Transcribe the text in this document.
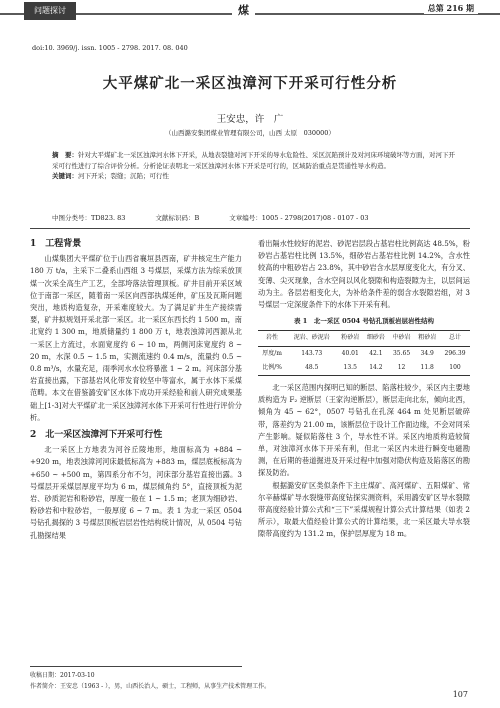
问题探讨	煤	总第 216 期
doi:10. 3969/j. issn. 1005 - 2798. 2017. 08. 040
大平煤矿北一采区浊漳河下开采可行性分析
王安忠，许　广
（山西潞安集团煤业管理有限公司，山西 太原　030000）
摘　要：针对大平煤矿北一采区浊漳河水体下开采，从地表裂缝对河下开采的导水危险性、采区沉陷预计及对河床环境破坏等方面，对河下开采可行性进行了综合评价分析。分析论证表明北一采区浊漳河水体下开采是可行的，区域防治重点是贯通性导水构造。
关键词：河下开采；裂缝；沉陷；可行性
中图分类号：TD823. 83	文献标识码：B	文章编号：1005 - 2798(2017)08 - 0107 - 03

1　工程背景

山煤集团大平煤矿位于山西省襄垣县西南，矿井核定生产能力 180 万 t/a，主采下二叠系山西组 3 号煤层，采煤方法为综采放顶煤一次采全高生产工艺，全部垮落法管理顶板。矿井目前开采区域位于南部一采区，随着南一采区向西部执煤延伸，矿压及瓦斯问题突出，地质构造复杂，开采难度较大。为了满足矿井生产接续需要，矿井拟规划开采北部一采区。北一采区东西长约 1 500 m，南北宽约 1 300 m，地质储量约 1 800 万 t，地表浊漳河西源从北一采区上方流过，水面宽度约 6 ~ 10 m，两侧河床宽度约 8 ~ 20 m，水深 0.5 ~ 1.5 m，实测流速约 0.4 m/s，流量约 0.5 ~ 0.8 m³/s，水量充足，雨季河水水位将暴涨 1 ~ 2 m。河床部分基岩直接出露，下部基岩风化带发育较坚中等富水，属于水体下采煤范畴。本文在借鉴潞安矿区水体下成功开采经验和前人研究成果基础上[1-3]对大平煤矿北一采区浊漳河水体下开采可行性进行评价分析。

2　北一采区浊漳河下开采可行性

北一采区上方地表为河谷丘陵地形，地面标高为 +884 ~ +920 m，地表浊漳河河床最低标高为 +883 m，煤层底板标高为 +650 ~ +500 m，第四系分布不匀，河床部分基岩直接出露。3 号煤层开采煤层厚度平均为 6 m，煤层倾角约 5°，直接顶板为泥岩、砂质泥岩和粉砂岩，厚度一般在 1 ~ 1.5 m；老顶为细砂岩、粉砂岩和中粒砂岩，一般厚度 6 ~ 7 m。表 1 为北一采区 0504 号钻孔揭探的 3 号煤层顶板岩层岩性结构统计情况，从 0504 号钻孔勘探结果

看出隔水性较好的泥岩、砂泥岩层段占基岩柱比例高达 48.5%，粉砂岩占基岩柱比例 13.5%，细砂岩占基岩柱比例 14.2%，含水性较高的中粗砂岩占 23.8%，其中砂岩含水层厚度变化大，有分叉、变薄、尖灭现象，含水空间以风化裂隙和构造裂隙为主，以层间运动为主。各层岩相变化大，为补给条件差的弱含水裂隙岩组，对 3 号煤层一定深度条件下的水体下开采有利。

表 1　北一采区 0504 号钻孔顶板岩层岩性结构
岩性	泥岩、砂泥岩	粉砂岩	细砂岩	中砂岩	粗砂岩	总计
厚度/m	143.73	40.01	42.1	35.65	34.9	296.39
比例/%	48.5	13.5	14.2	12	11.8	100

北一采区范围内探明已知的断层、陷落柱较少，采区内主要地质构造为 F₂ 逆断层（王家沟逆断层），断层走向北东，倾向北西，倾角为 45 ~ 62°，0507 号钻孔在孔深 464 m 处见断层破碎带，落差约为 21.00 m，该断层位于设计工作面边缘，不会对同采产生影响。疑似陷落柱 3 个，导水性不详。采区内地质构造较简单，对浊漳河水体下开采有利，但北一采区内未进行瞬变电磁勘测，在后期的巷道掘进及开采过程中加强对隐伏构造及陷落区的勘探及防治。

根据潞安矿区类似条件下主庄煤矿、高河煤矿、五阳煤矿、常尔辛赫煤矿导水裂缝带高度钻探实测资料，采用潞安矿区导水裂隙带高度经验计算公式和“三下”采煤规程计算公式计算结果（如表 2 所示），取最大值经验计算公式的计算结果，北一采区最大导水裂隙带高度约为 131.2 m，保护层厚度为 18 m。

收稿日期：2017-03-10
作者简介：王安忠（1963 - ），男，山西长治人，硕士，工程师，从事生产技术管理工作。
107
